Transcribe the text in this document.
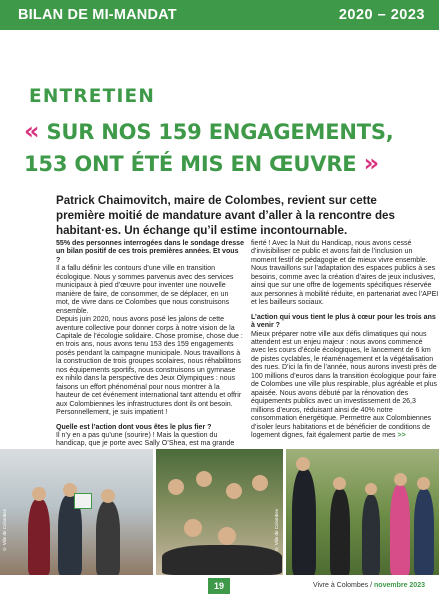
BILAN DE MI-MANDAT	2020 – 2023
ENTRETIEN
« SUR NOS 159 ENGAGEMENTS,
153 ONT ÉTÉ MIS EN ŒUVRE »
Patrick Chaimovitch, maire de Colombes, revient sur cette première moitié de mandature avant d’aller à la rencontre des habitant·es. Un échange qu’il estime incontournable.

55% des personnes interrogées dans le sondage dresse un bilan positif de ces trois premières années. Et vous ?

Il a fallu définir les contours d’une ville en transition écologique. Nous y sommes parvenus avec des services municipaux à pied d’œuvre pour inventer une nouvelle manière de faire, de consommer, de se déplacer, en un mot, de vivre dans ce Colombes que nous construisons ensemble.

Depuis juin 2020, nous avons posé les jalons de cette aventure collective pour donner corps à notre vision de la Capitale de l’écologie solidaire. Chose promise, chose due : en trois ans, nous avons tenu 153 des 159 engagements posés pendant la campagne municipale. Nous travaillons à la construction de trois groupes scolaires, nous réhabilitons nos équipements sportifs, nous construisons un gymnase ex nihilo dans la perspective des Jeux Olympiques : nous faisons un effort phénoménal pour nous montrer à la hauteur de cet événement international tant attendu et offrir aux Colombiennes les infrastructures dont ils ont besoin. Personnellement, je suis impatient !

Quelle est l’action dont vous êtes le plus fier ?

Il n’y en a pas qu’une (sourire) ! Mais la question du handicap, que je porte avec Sally O’Shea, est ma grande

fierté ! Avec la Nuit du Handicap, nous avons cessé d’invisibiliser ce public et avons fait de l’inclusion un moment festif de pédagogie et de mieux vivre ensemble. Nous travaillons sur l’adaptation des espaces publics à ses besoins, comme avec la création d’aires de jeux inclusives, ainsi que sur une offre de logements spécifiques réservée aux personnes à mobilité réduite, en partenariat avec l’APEI et les bailleurs sociaux.

L’action qui vous tient le plus à cœur pour les trois ans à venir ?

Mieux préparer notre ville aux défis climatiques qui nous attendent est un enjeu majeur : nous avons commencé avec les cours d’école écologiques, le lancement de 6 km de pistes cyclables, le réaménagement et la végétalisation des rues. D’ici la fin de l’année, nous aurons investi près de 100 millions d’euros dans la transition écologique pour faire de Colombes une ville plus respirable, plus agréable et plus apaisée. Nous avons débuté par la rénovation des équipements publics avec un investissement de 26,3 millions d’euros, réduisant ainsi de 40% notre consommation énergétique. Permettre aux Colombiennes d’isoler leurs habitations et de bénéficier de conditions de logement dignes, fait également partie de mes >>

© Ville de Colombes	© Ville de Colombes
19	Vivre à Colombes / novembre 2023
